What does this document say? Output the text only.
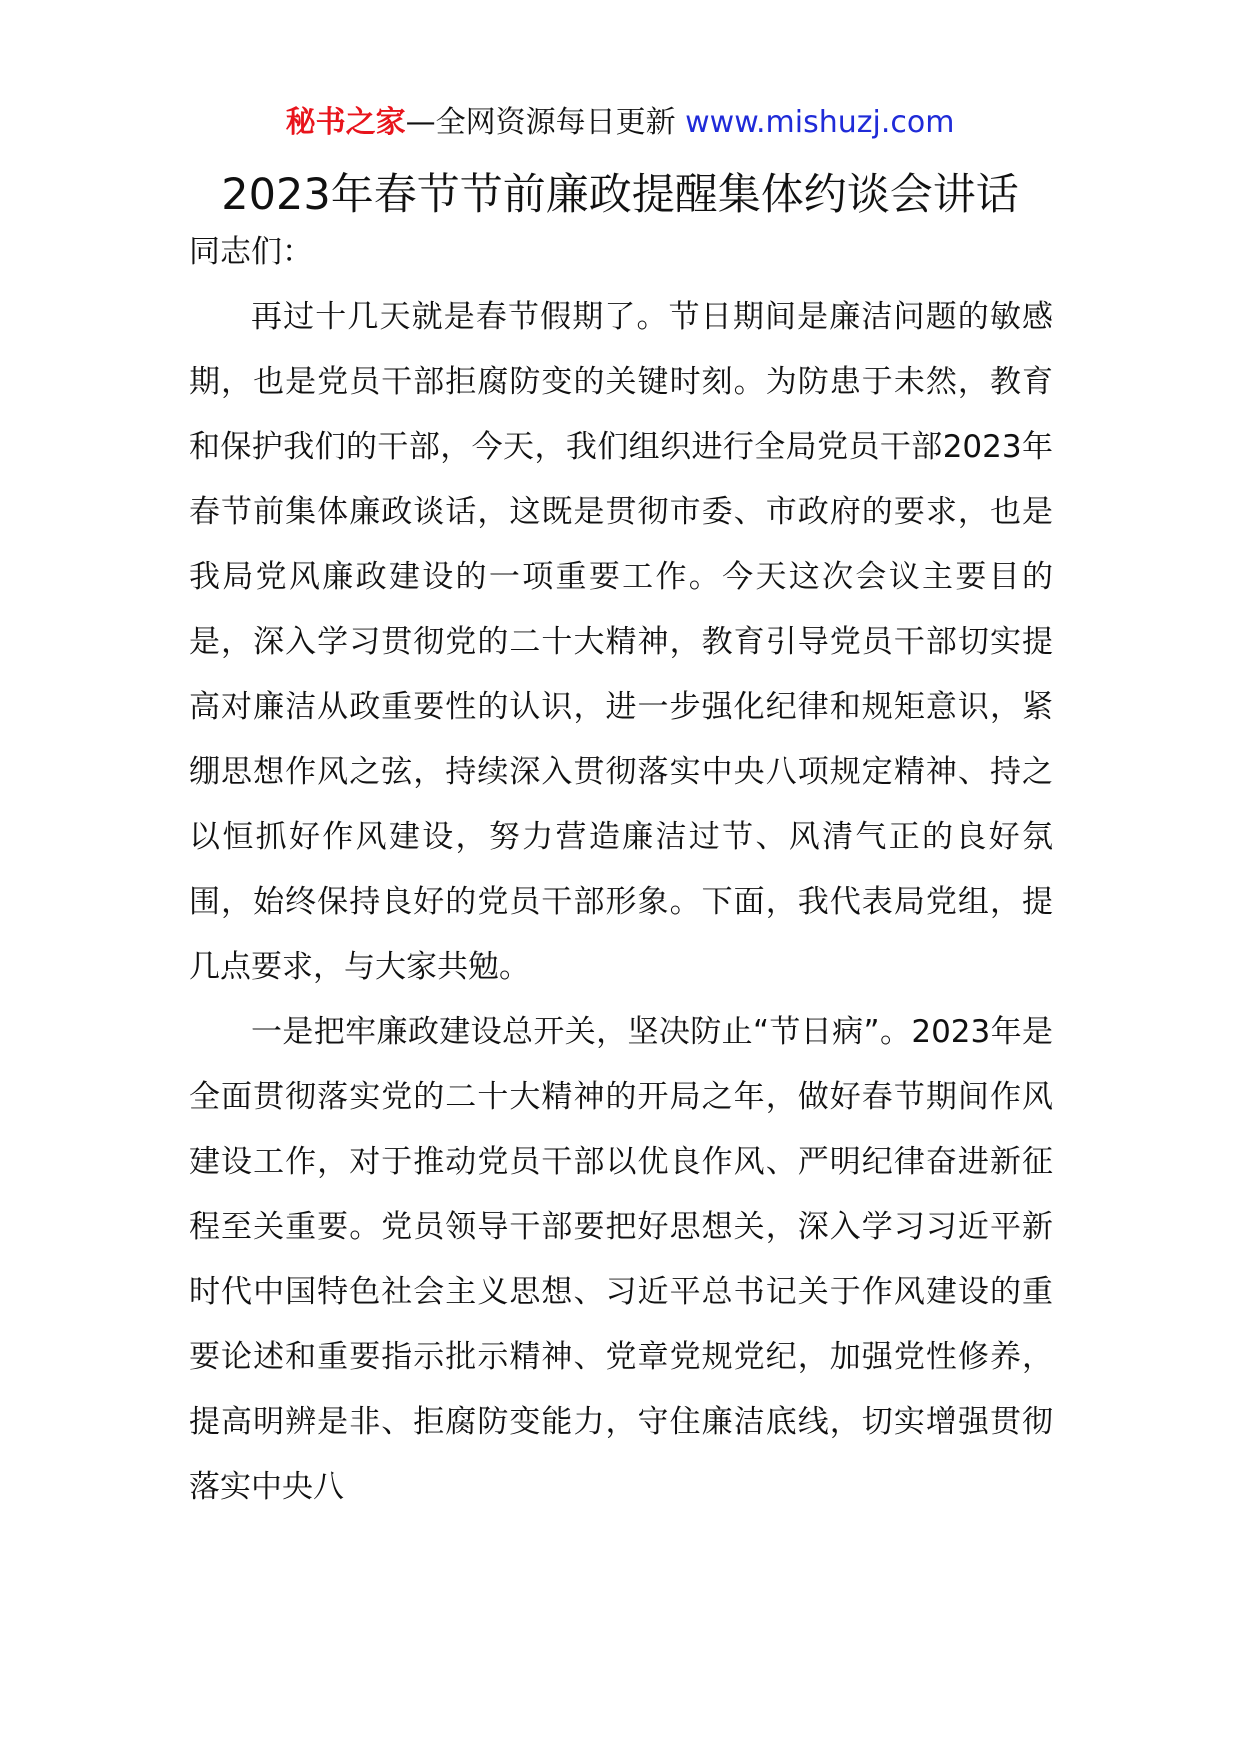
秘书之家—全网资源每日更新 www.mishuzj.com
2023年春节节前廉政提醒集体约谈会讲话

同志们：

再过十几天就是春节假期了。节日期间是廉洁问题的敏感期，也是党员干部拒腐防变的关键时刻。为防患于未然，教育和保护我们的干部，今天，我们组织进行全局党员干部2023年春节前集体廉政谈话，这既是贯彻市委、市政府的要求，也是我局党风廉政建设的一项重要工作。今天这次会议主要目的是，深入学习贯彻党的二十大精神，教育引导党员干部切实提高对廉洁从政重要性的认识，进一步强化纪律和规矩意识，紧绷思想作风之弦，持续深入贯彻落实中央八项规定精神、持之以恒抓好作风建设，努力营造廉洁过节、风清气正的良好氛围，始终保持良好的党员干部形象。下面，我代表局党组，提几点要求，与大家共勉。

一是把牢廉政建设总开关，坚决防止“节日病”。2023年是全面贯彻落实党的二十大精神的开局之年，做好春节期间作风建设工作，对于推动党员干部以优良作风、严明纪律奋进新征程至关重要。党员领导干部要把好思想关，深入学习习近平新时代中国特色社会主义思想、习近平总书记关于作风建设的重要论述和重要指示批示精神、党章党规党纪，加强党性修养，提高明辨是非、拒腐防变能力，守住廉洁底线，切实增强贯彻落实中央八
